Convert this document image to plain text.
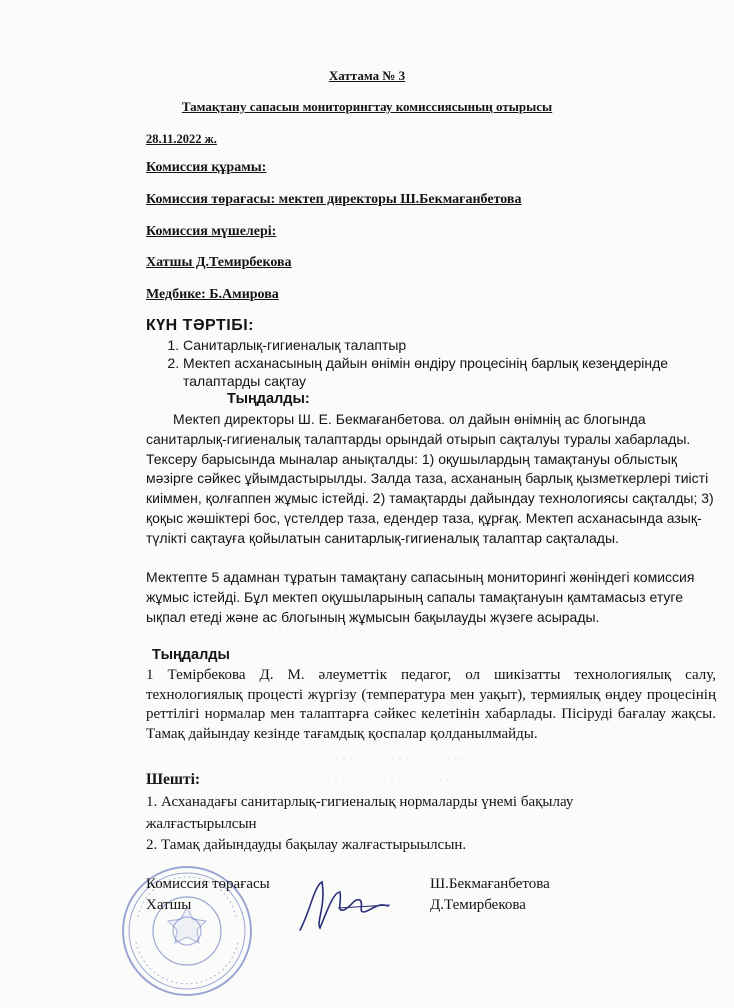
· · · · · · · · · · · · · · · · · ·
· · · · · · · · · · · · · · · · · · · · · · · · ·
· · · · · · · · · · · · · · · · · · · · · · · ·
Хаттама № 3
Тамақтану сапасын мониторингтау комиссиясының отырысы
28.11.2022 ж.
Комиссия құрамы:
Комиссия төрағасы: мектеп директоры Ш.Бекмағанбетова
Комиссия мүшелері:
Хатшы Д.Темирбекова
Медбике: Б.Амирова
КҮН ТӘРТІБІ:
1. Санитарлық-гигиеналық талаптыр
2. Мектеп асханасының дайын өнімін өндіру процесінің барлық кезеңдерінде талаптарды сақтау
Тыңдалды:

Мектеп директоры Ш. Е. Бекмағанбетова. ол дайын өнімнің ас блогында санитарлық-гигиеналық талаптарды орындай отырып сақталуы туралы хабарлады. Тексеру барысында мыналар анықталды: 1) оқушылардың тамақтануы облыстық мәзірге сәйкес ұйымдастырылды. Залда таза, асхананың барлық қызметкерлері тиісті киіммен, қолғаппен жұмыс істейді. 2) тамақтарды дайындау технологиясы сақталды; 3) қоқыс жәшіктері бос, үстелдер таза, едендер таза, құрғақ. Мектеп асханасында азық-түлікті сақтауға қойылатын санитарлық-гигиеналық талаптар сақталады.

Мектепте 5 адамнан тұратын тамақтану сапасының мониторингі жөніндегі комиссия жұмыс істейді. Бұл мектеп оқушыларының сапалы тамақтануын қамтамасыз етуге ықпал етеді және ас блогының жұмысын бақылауды жүзеге асырады.

Тыңдалды

1 Темірбекова Д. М. әлеуметтік педагог, ол шикізатты технологиялық салу, технологиялық процесті жүргізу (температура мен уақыт), термиялық өңдеу процесінің реттілігі нормалар мен талаптарға сәйкес келетінін хабарлады. Пісіруді бағалау жақсы. Тамақ дайындау кезінде тағамдық қоспалар қолданылмайды.

Шешті:
1. Асханадағы санитарлық-гигиеналық нормаларды үнемі бақылау жалғастырылсын
2. Тамақ дайындауды бақылау жалғастырыылсын.
Комиссия төрағасы
Хатшы
Ш.Бекмағанбетова
Д.Темирбекова
